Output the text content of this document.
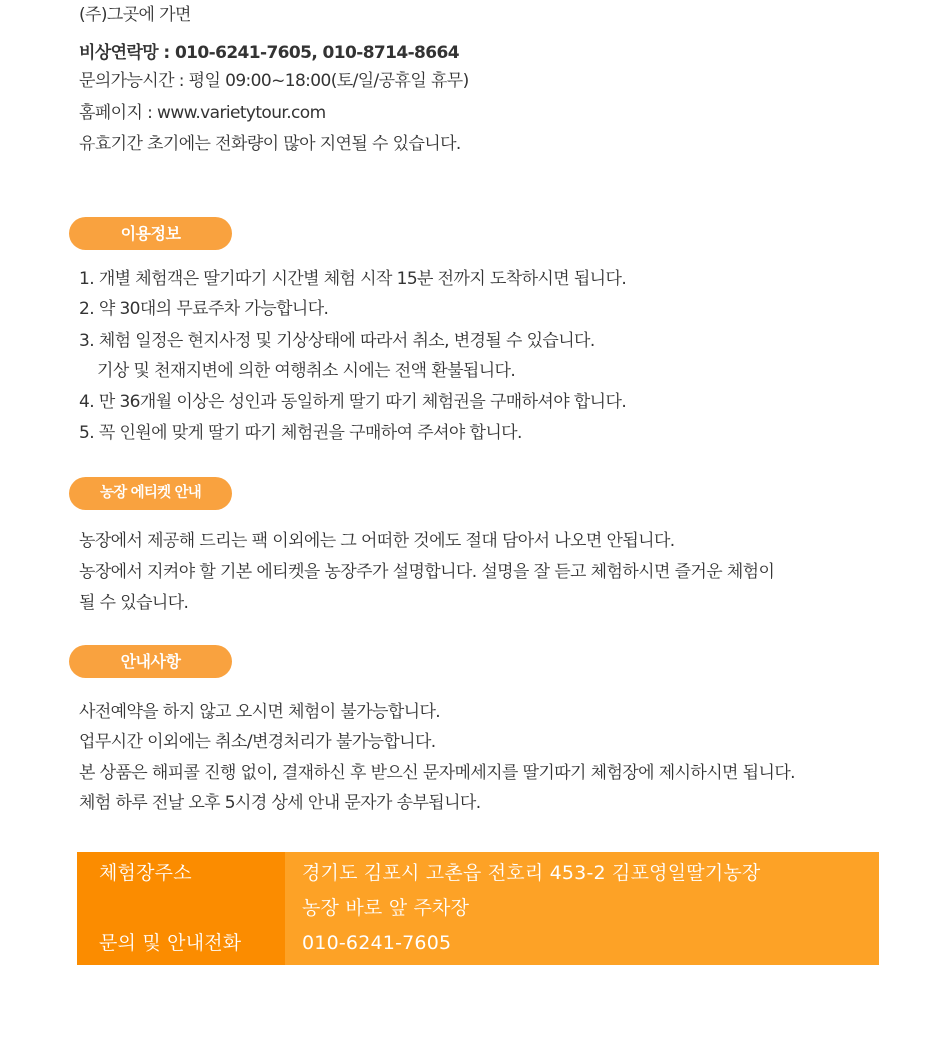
(주)그곳에 가면
비상연락망 : 010-6241-7605, 010-8714-8664
문의가능시간 : 평일 09:00~18:00(토/일/공휴일 휴무)
홈페이지 : www.varietytour.com
유효기간 초기에는 전화량이 많아 지연될 수 있습니다.
이용정보
1. 개별 체험객은 딸기따기 시간별 체험 시작 15분 전까지 도착하시면 됩니다.
2. 약 30대의 무료주차 가능합니다.
3. 체험 일정은 현지사정 및 기상상태에 따라서 취소, 변경될 수 있습니다.
기상 및 천재지변에 의한 여행취소 시에는 전액 환불됩니다.
4. 만 36개월 이상은 성인과 동일하게 딸기 따기 체험권을 구매하셔야 합니다.
5. 꼭 인원에 맞게 딸기 따기 체험권을 구매하여 주셔야 합니다.
농장 에티켓 안내
농장에서 제공해 드리는 팩 이외에는 그 어떠한 것에도 절대 담아서 나오면 안됩니다.
농장에서 지켜야 할 기본 에티켓을 농장주가 설명합니다. 설명을 잘 듣고 체험하시면 즐거운 체험이
될 수 있습니다.
안내사항
사전예약을 하지 않고 오시면 체험이 불가능합니다.
업무시간 이외에는 취소/변경처리가 불가능합니다.
본 상품은 해피콜 진행 없이, 결재하신 후 받으신 문자메세지를 딸기따기 체험장에 제시하시면 됩니다.
체험 하루 전날 오후 5시경 상세 안내 문자가 송부됩니다.
체험장주소
문의 및 안내전화
경기도 김포시 고촌읍 전호리 453-2 김포영일딸기농장
농장 바로 앞 주차장
010-6241-7605
